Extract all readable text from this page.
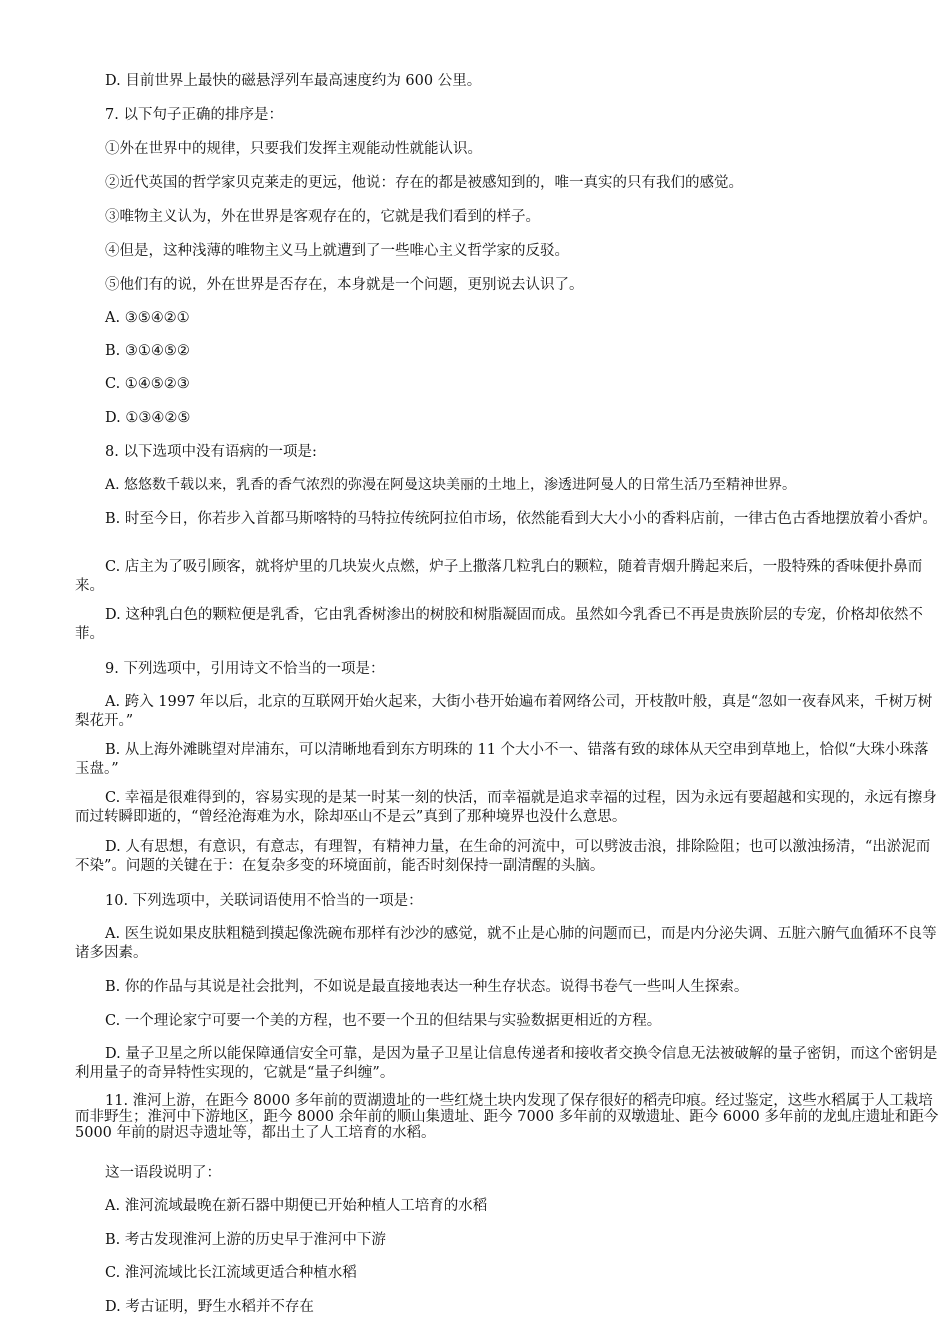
D. 目前世界上最快的磁悬浮列车最高速度约为 600 公里。
7. 以下句子正确的排序是：
①外在世界中的规律，只要我们发挥主观能动性就能认识。
②近代英国的哲学家贝克莱走的更远，他说：存在的都是被感知到的，唯一真实的只有我们的感觉。
③唯物主义认为，外在世界是客观存在的，它就是我们看到的样子。
④但是，这种浅薄的唯物主义马上就遭到了一些唯心主义哲学家的反驳。
⑤他们有的说，外在世界是否存在，本身就是一个问题，更别说去认识了。
A. ③⑤④②①
B. ③①④⑤②
C. ①④⑤②③
D. ①③④②⑤
8. 以下选项中没有语病的一项是:
A. 悠悠数千载以来，乳香的香气浓烈的弥漫在阿曼这块美丽的土地上，渗透进阿曼人的日常生活乃至精神世界。
B. 时至今日，你若步入首都马斯喀特的马特拉传统阿拉伯市场，依然能看到大大小小的香料店前，一律古色古香地摆放着小香炉。
C. 店主为了吸引顾客，就将炉里的几块炭火点燃，炉子上撒落几粒乳白的颗粒，随着青烟升腾起来后，一股特殊的香味便扑鼻而来。
D. 这种乳白色的颗粒便是乳香，它由乳香树渗出的树胶和树脂凝固而成。虽然如今乳香已不再是贵族阶层的专宠，价格却依然不菲。
9. 下列选项中，引用诗文不恰当的一项是：
A. 跨入 1997 年以后，北京的互联网开始火起来，大街小巷开始遍布着网络公司，开枝散叶般，真是“忽如一夜春风来，千树万树梨花开。”
B. 从上海外滩眺望对岸浦东，可以清晰地看到东方明珠的 11 个大小不一、错落有致的球体从天空串到草地上，恰似“大珠小珠落玉盘。”
C. 幸福是很难得到的，容易实现的是某一时某一刻的快活，而幸福就是追求幸福的过程，因为永远有要超越和实现的，永远有擦身而过转瞬即逝的，“曾经沧海难为水，除却巫山不是云”真到了那种境界也没什么意思。
D. 人有思想，有意识，有意志，有理智，有精神力量，在生命的河流中，可以劈波击浪，排除险阻；也可以激浊扬清，“出淤泥而不染”。问题的关键在于：在复杂多变的环境面前，能否时刻保持一副清醒的头脑。
10. 下列选项中，关联词语使用不恰当的一项是：
A. 医生说如果皮肤粗糙到摸起像洗碗布那样有沙沙的感觉，就不止是心肺的问题而已，而是内分泌失调、五脏六腑气血循环不良等诸多因素。
B. 你的作品与其说是社会批判，不如说是最直接地表达一种生存状态。说得书卷气一些叫人生探索。
C. 一个理论家宁可要一个美的方程，也不要一个丑的但结果与实验数据更相近的方程。
D. 量子卫星之所以能保障通信安全可靠，是因为量子卫星让信息传递者和接收者交换令信息无法被破解的量子密钥，而这个密钥是利用量子的奇异特性实现的，它就是“量子纠缠”。
11. 淮河上游，在距今 8000 多年前的贾湖遗址的一些红烧土块内发现了保存很好的稻壳印痕。经过鉴定，这些水稻属于人工栽培而非野生；淮河中下游地区，距今 8000 余年前的顺山集遗址、距今 7000 多年前的双墩遗址、距今 6000 多年前的龙虬庄遗址和距今 5000 年前的尉迟寺遗址等，都出土了人工培育的水稻。
这一语段说明了：
A. 淮河流域最晚在新石器中期便已开始种植人工培育的水稻
B. 考古发现淮河上游的历史早于淮河中下游
C. 淮河流域比长江流域更适合种植水稻
D. 考古证明，野生水稻并不存在
